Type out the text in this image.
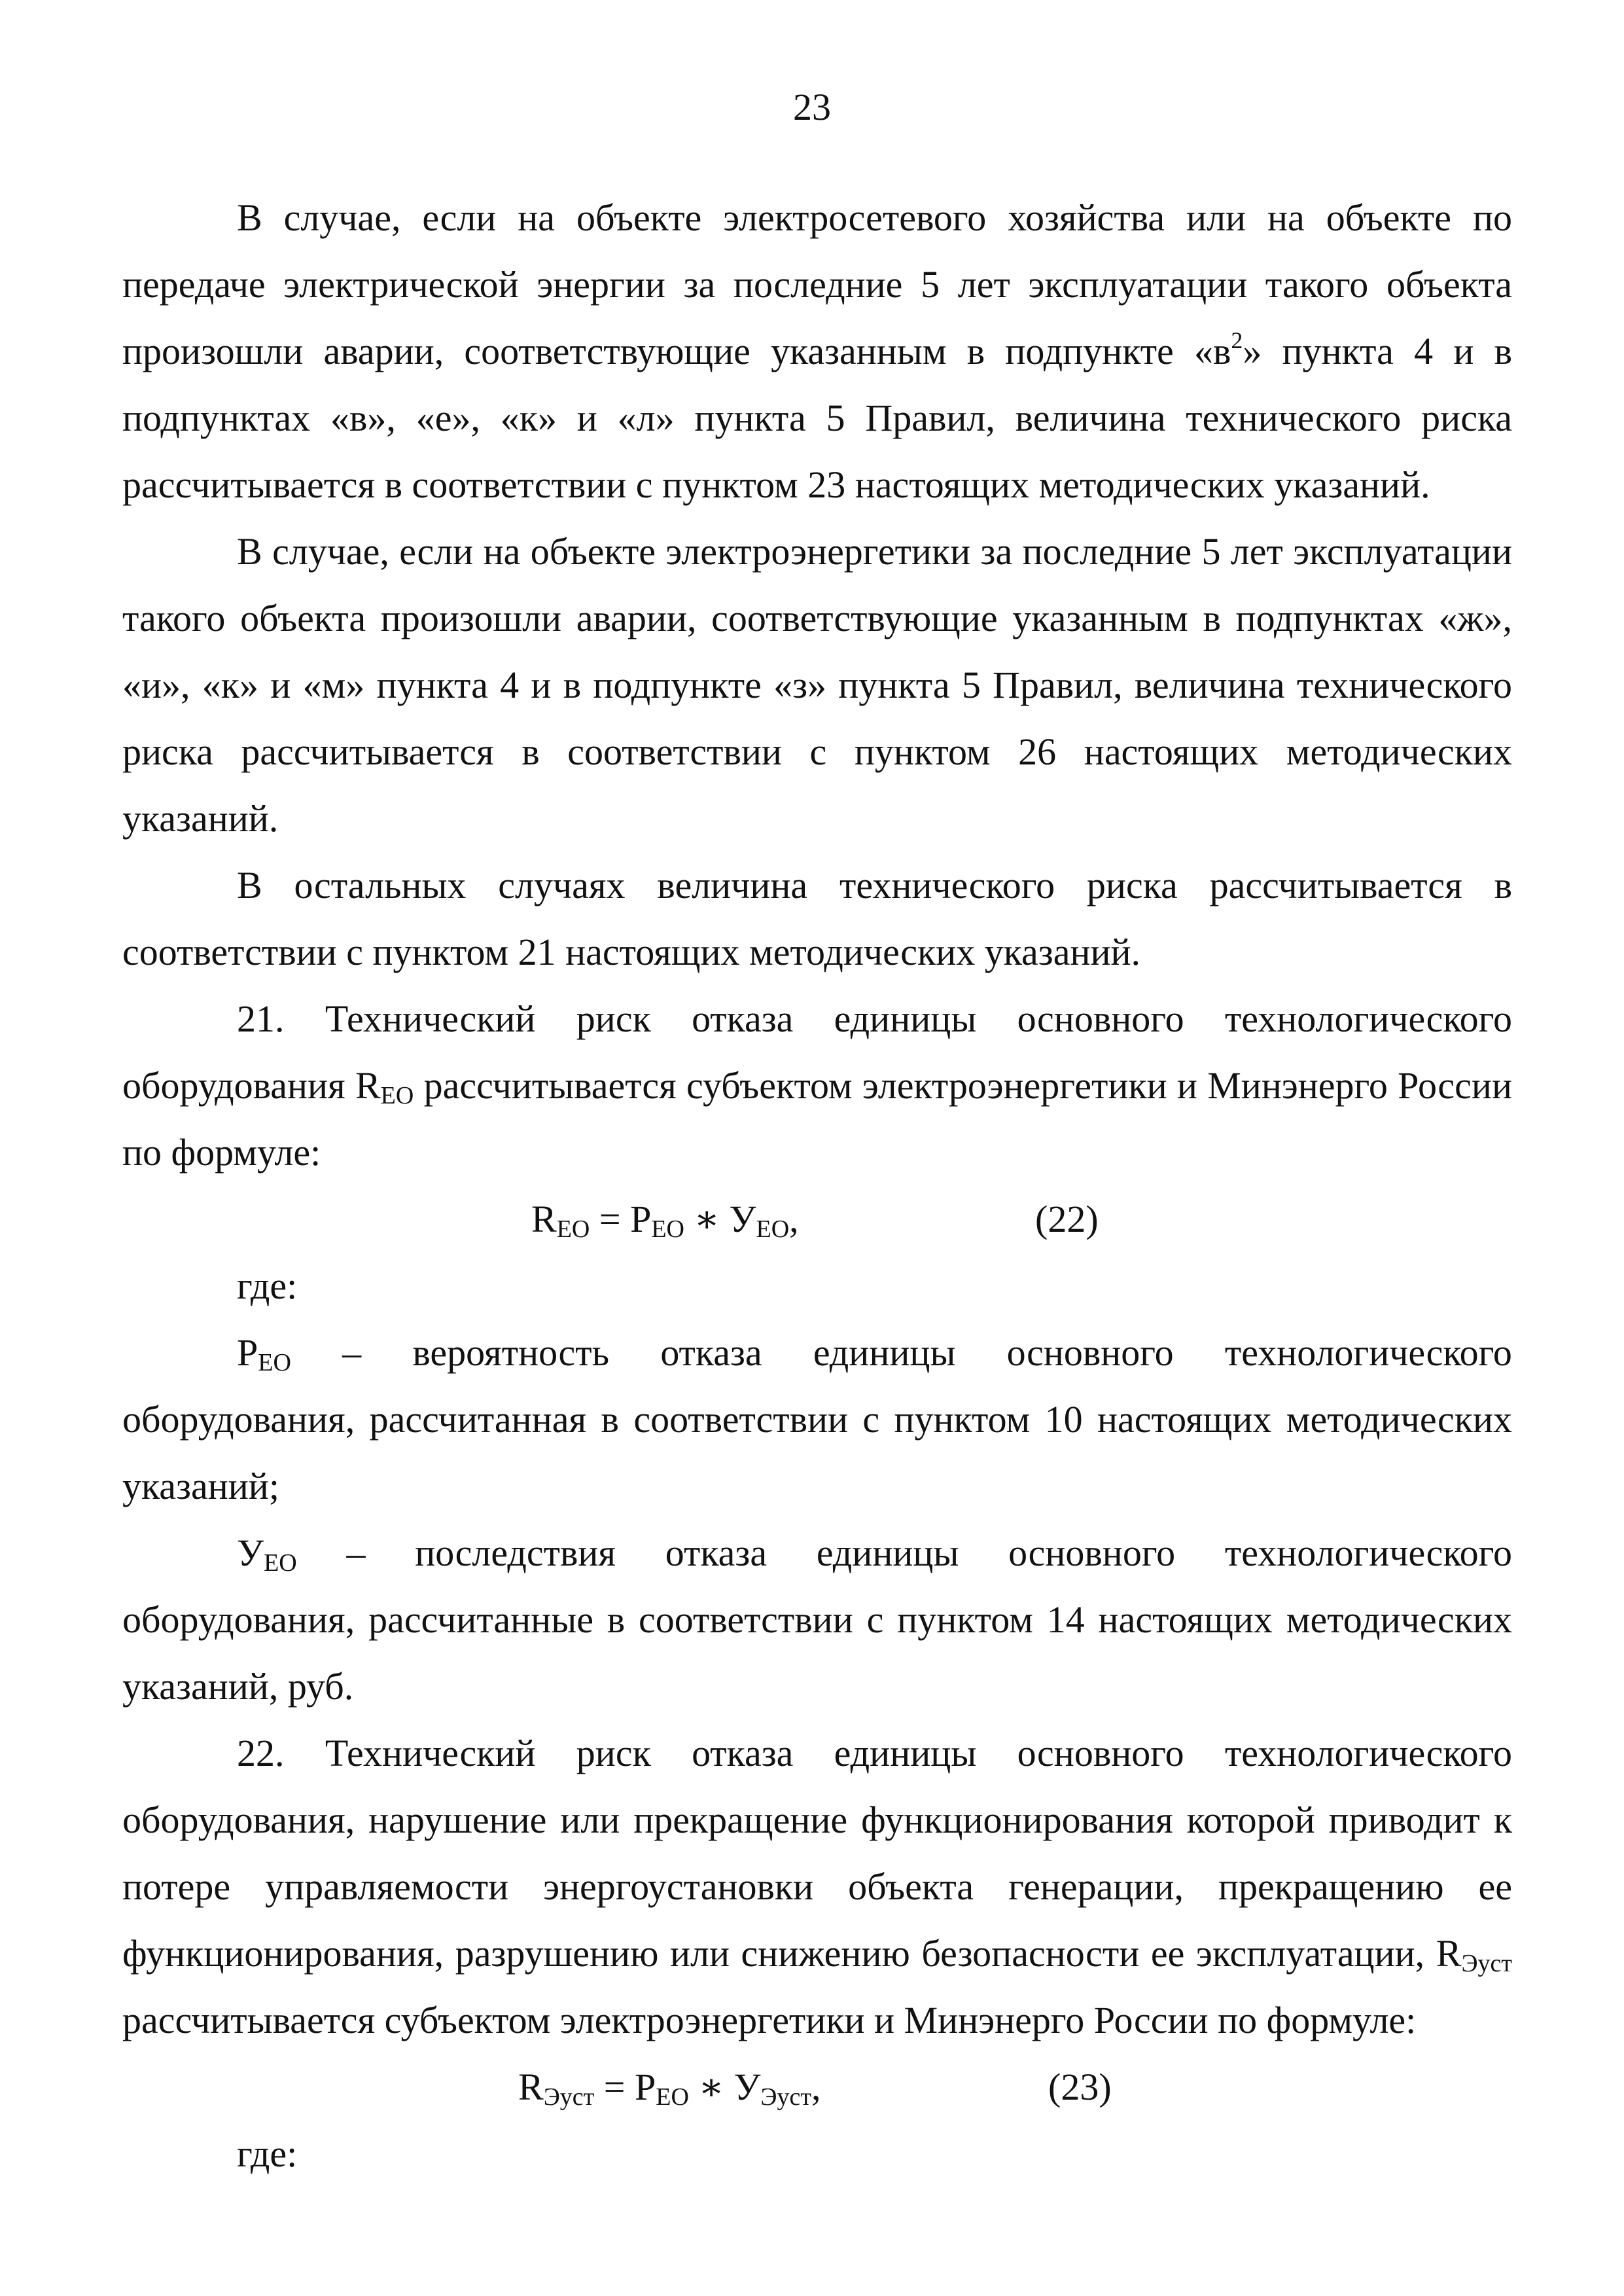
23

В случае, если на объекте электросетевого хозяйства или на объекте по передаче электрической энергии за последние 5 лет эксплуатации такого объекта произошли аварии, соответствующие указанным в подпункте «$в^2$» пункта 4 и в подпунктах «в», «е», «к» и «л» пункта 5 Правил, величина технического риска рассчитывается в соответствии с пунктом 23 настоящих методических указаний.

В случае, если на объекте электроэнергетики за последние 5 лет эксплуатации такого объекта произошли аварии, соответствующие указанным в подпунктах «ж», «и», «к» и «м» пункта 4 и в подпункте «з» пункта 5 Правил, величина технического риска рассчитывается в соответствии с пунктом 26 настоящих методических указаний.

В остальных случаях величина технического риска рассчитывается в соответствии с пунктом 21 настоящих методических указаний.

21. Технический риск отказа единицы основного технологического оборудования $R_{ЕО}$ рассчитывается субъектом электроэнергетики и Минэнерго России по формуле:

$R_{ЕО} = P_{ЕО}$ ∗ $У_{ЕО}$,	(22)

где:

$P_{ЕО}$ – вероятность отказа единицы основного технологического

оборудования, рассчитанная в соответствии с пунктом 10 настоящих методических указаний;

$У_{ЕО}$ – последствия отказа единицы основного технологического

оборудования, рассчитанные в соответствии с пунктом 14 настоящих методических указаний, руб.

22. Технический риск отказа единицы основного технологического оборудования, нарушение или прекращение функционирования которой приводит к потере управляемости энергоустановки объекта генерации, прекращению ее функционирования, разрушению или снижению безопасности ее эксплуатации, $R_{Эуст}$ рассчитывается субъектом электроэнергетики и Минэнерго России по формуле:

$R_{Эуст} = P_{ЕО}$ ∗ $У_{Эуст}$,	(23)

где:
